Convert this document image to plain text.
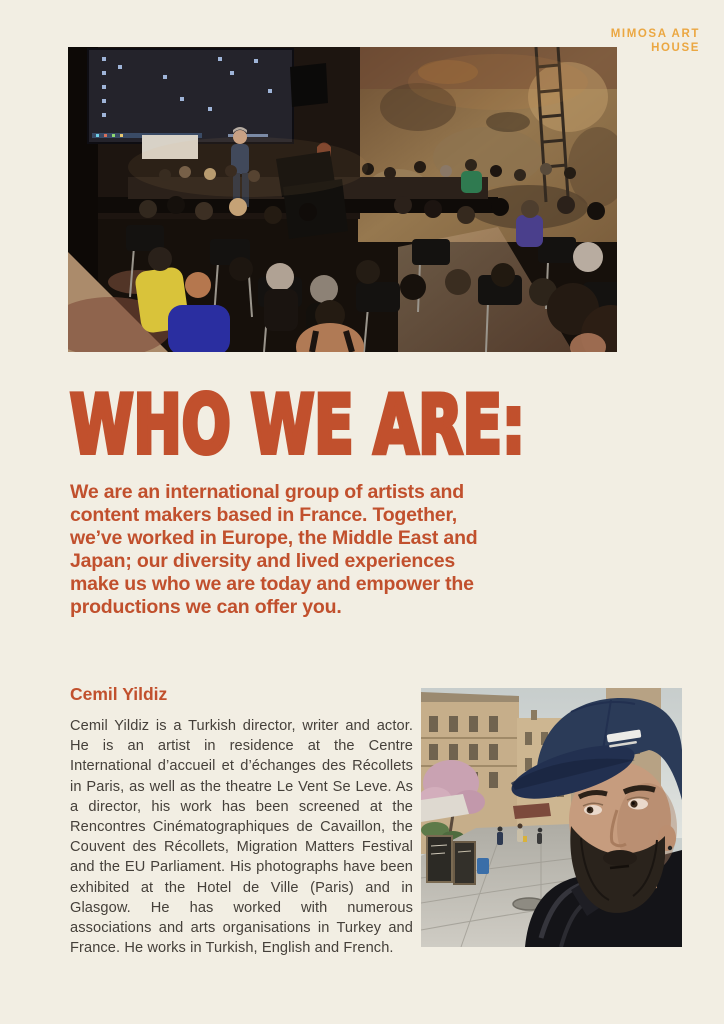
MIMOSA ART
HOUSE
WHO WE ARE:

We are an international group of artists and content makers based in France. Together, we’ve worked in Europe, the Middle East and Japan; our diversity and lived experiences make us who we are today and empower the productions we can offer you.

Cemil Yildiz

Cemil Yildiz is a Turkish director, writer and actor. He is an artist in residence at the Centre International d’accueil et d’échanges des Récollets in Paris, as well as the theatre Le Vent Se Leve. As a director, his work has been screened at the Rencontres Cinématographiques de Cavaillon, the Couvent des Récollets, Migration Matters Festival and the EU Parliament. His photographs have been exhibited at the Hotel de Ville (Paris) and in Glasgow. He has worked with numerous associations and arts organisations in Turkey and France. He works in Turkish, English and French.
